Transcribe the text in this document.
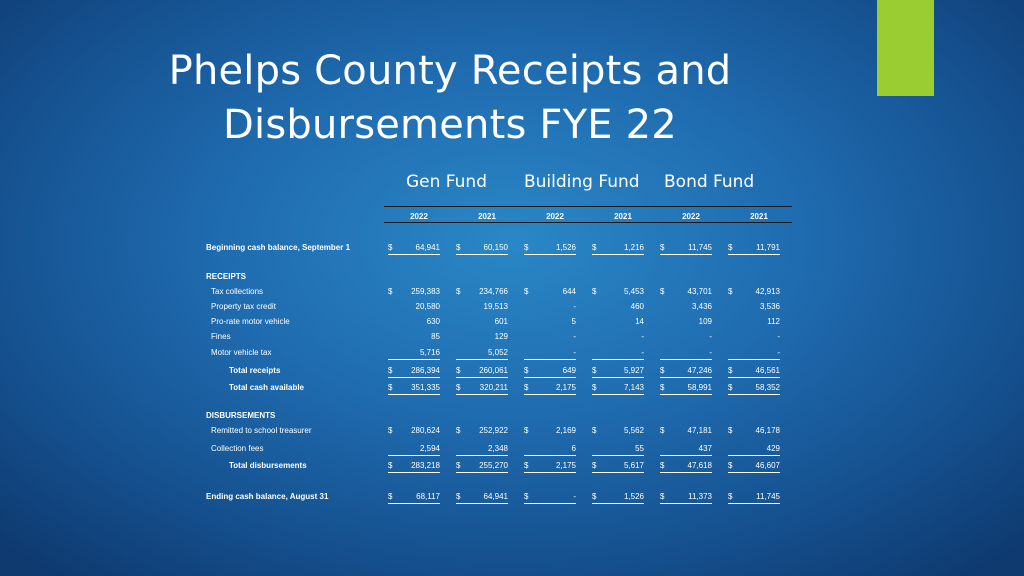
Phelps County Receipts and
Disbursements FYE 22
Gen Fund Building Fund Bond Fund
2022	2021	2022	2021	2022	2021
RECEIPTS
DISBURSEMENTS
Beginning cash balance, September 1	$	64,941 $	60,150 $	1,526 $	1,216 $	11,745 $	11,791
Tax collections	$ 259,383 $ 234,766 $	644 $	5,453 $	43,701 $	42,913
Property tax credit	20,580	19,513	-	460	3,436	3,536
Pro-rate motor vehicle	630	601	5	14	109	112
Fines	85	129	-	-	-	-
Motor vehicle tax	5,716	5,052	-	-	-	-
Total receipts	$ 286,394 $ 260,061 $	649 $	5,927 $	47,246 $	46,561
Total cash available	$ 351,335 $ 320,211 $	2,175 $	7,143 $	58,991 $	58,352
Remitted to school treasurer	$ 280,624 $ 252,922 $	2,169 $	5,562 $	47,181 $	46,178
Collection fees	2,594	2,348	6	55	437	429
Total disbursements	$ 283,218 $ 255,270 $	2,175 $	5,617 $	47,618 $	46,607
Ending cash balance, August 31	$	68,117 $	64,941 $	- $	1,526 $	11,373 $	11,745
